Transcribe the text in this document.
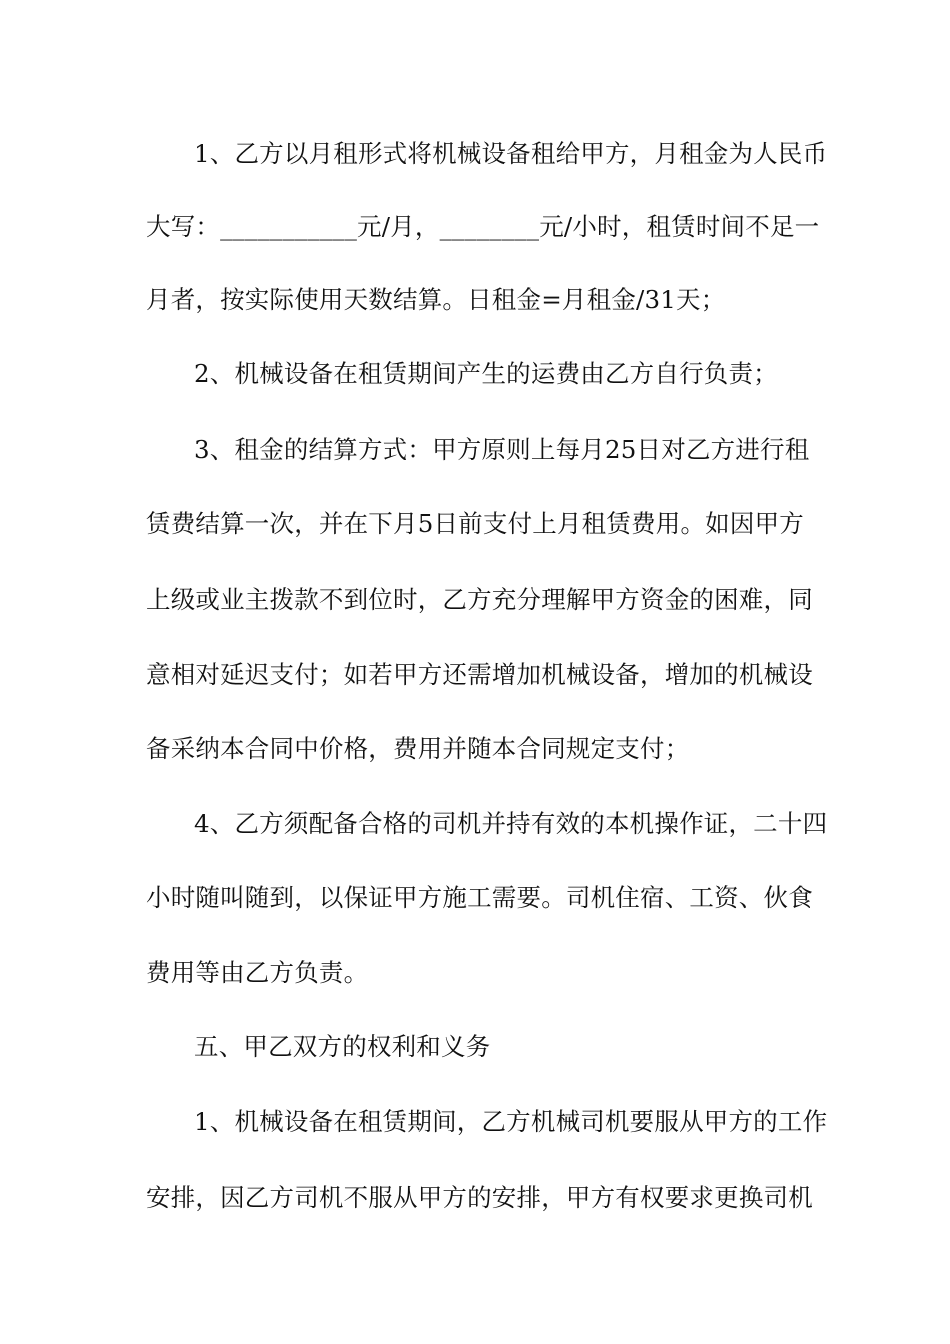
1、乙方以月租形式将机械设备租给甲方，月租金为人民币
大写：___________元/月，________元/小时，租赁时间不足一
月者，按实际使用天数结算。日租金=月租金/31天；
2、机械设备在租赁期间产生的运费由乙方自行负责；
3、租金的结算方式：甲方原则上每月25日对乙方进行租
赁费结算一次，并在下月5日前支付上月租赁费用。如因甲方
上级或业主拨款不到位时，乙方充分理解甲方资金的困难，同
意相对延迟支付；如若甲方还需增加机械设备，增加的机械设
备采纳本合同中价格，费用并随本合同规定支付；
4、乙方须配备合格的司机并持有效的本机操作证，二十四
小时随叫随到，以保证甲方施工需要。司机住宿、工资、伙食
费用等由乙方负责。
五、甲乙双方的权利和义务
1、机械设备在租赁期间，乙方机械司机要服从甲方的工作
安排，因乙方司机不服从甲方的安排，甲方有权要求更换司机
